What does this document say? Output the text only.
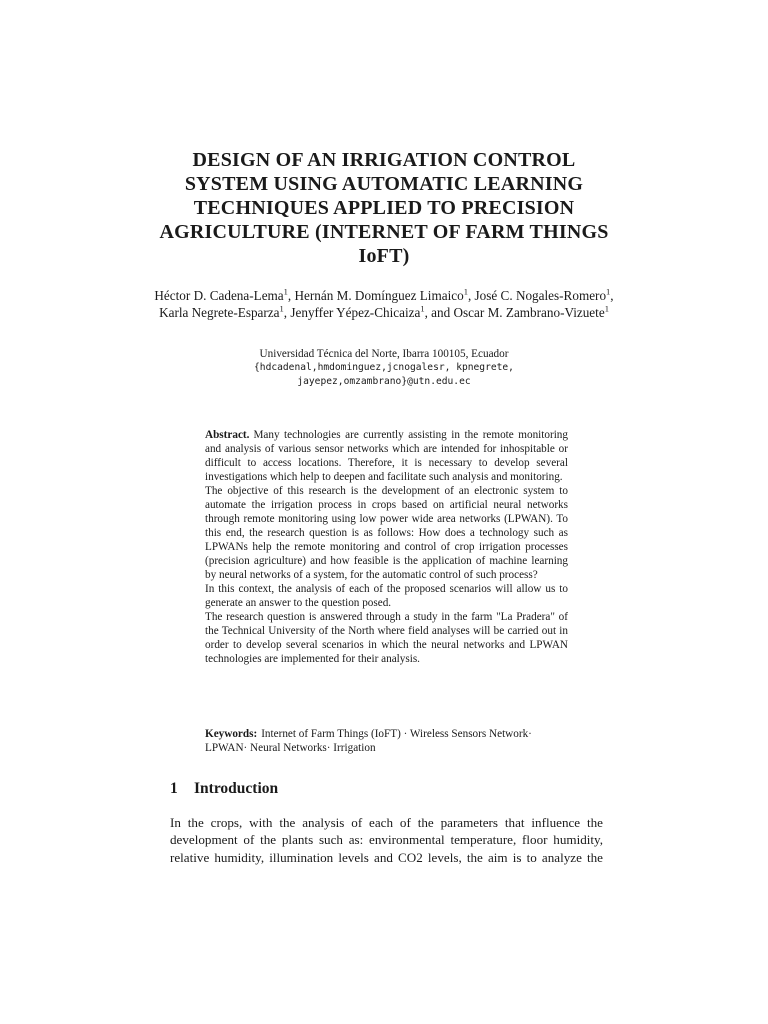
DESIGN OF AN IRRIGATION CONTROL SYSTEM USING AUTOMATIC LEARNING TECHNIQUES APPLIED TO PRECISION AGRICULTURE (INTERNET OF FARM THINGS IoFT)

Héctor D. Cadena-Lema$^1$, Hernán M. Domínguez Limaico$^1$, José C. Nogales-Romero$^1$, Karla Negrete-Esparza$^1$, Jenyffer Yépez-Chicaiza$^1$, and Oscar M. Zambrano-Vizuete$^1$

Universidad Técnica del Norte, Ibarra 100105, Ecuador
{hdcadenal,hmdominguez,jcnogalesr, kpnegrete,
jayepez,omzambrano}@utn.edu.ec

Abstract. Many technologies are currently assisting in the remote monitoring and analysis of various sensor networks which are intended for inhospitable or difficult to access locations. Therefore, it is necessary to develop several investigations which help to deepen and facilitate such analysis and monitoring.

The objective of this research is the development of an electronic system to automate the irrigation process in crops based on artificial neural networks through remote monitoring using low power wide area networks (LPWAN). To this end, the research question is as follows: How does a technology such as LPWANs help the remote monitoring and control of crop irrigation processes (precision agriculture) and how feasible is the application of machine learning by neural networks of a system, for the automatic control of such process?

In this context, the analysis of each of the proposed scenarios will allow us to generate an answer to the question posed.

The research question is answered through a study in the farm "La Pradera" of the Technical University of the North where field analyses will be carried out in order to develop several scenarios in which the neural networks and LPWAN technologies are implemented for their analysis.

Keywords: Internet of Farm Things (IoFT) · Wireless Sensors Network· LPWAN· Neural Networks· Irrigation

1 Introduction

In the crops, with the analysis of each of the parameters that influence the development of the plants such as: environmental temperature, floor humidity, relative humidity, illumination levels and CO2 levels, the aim is to analyze the
